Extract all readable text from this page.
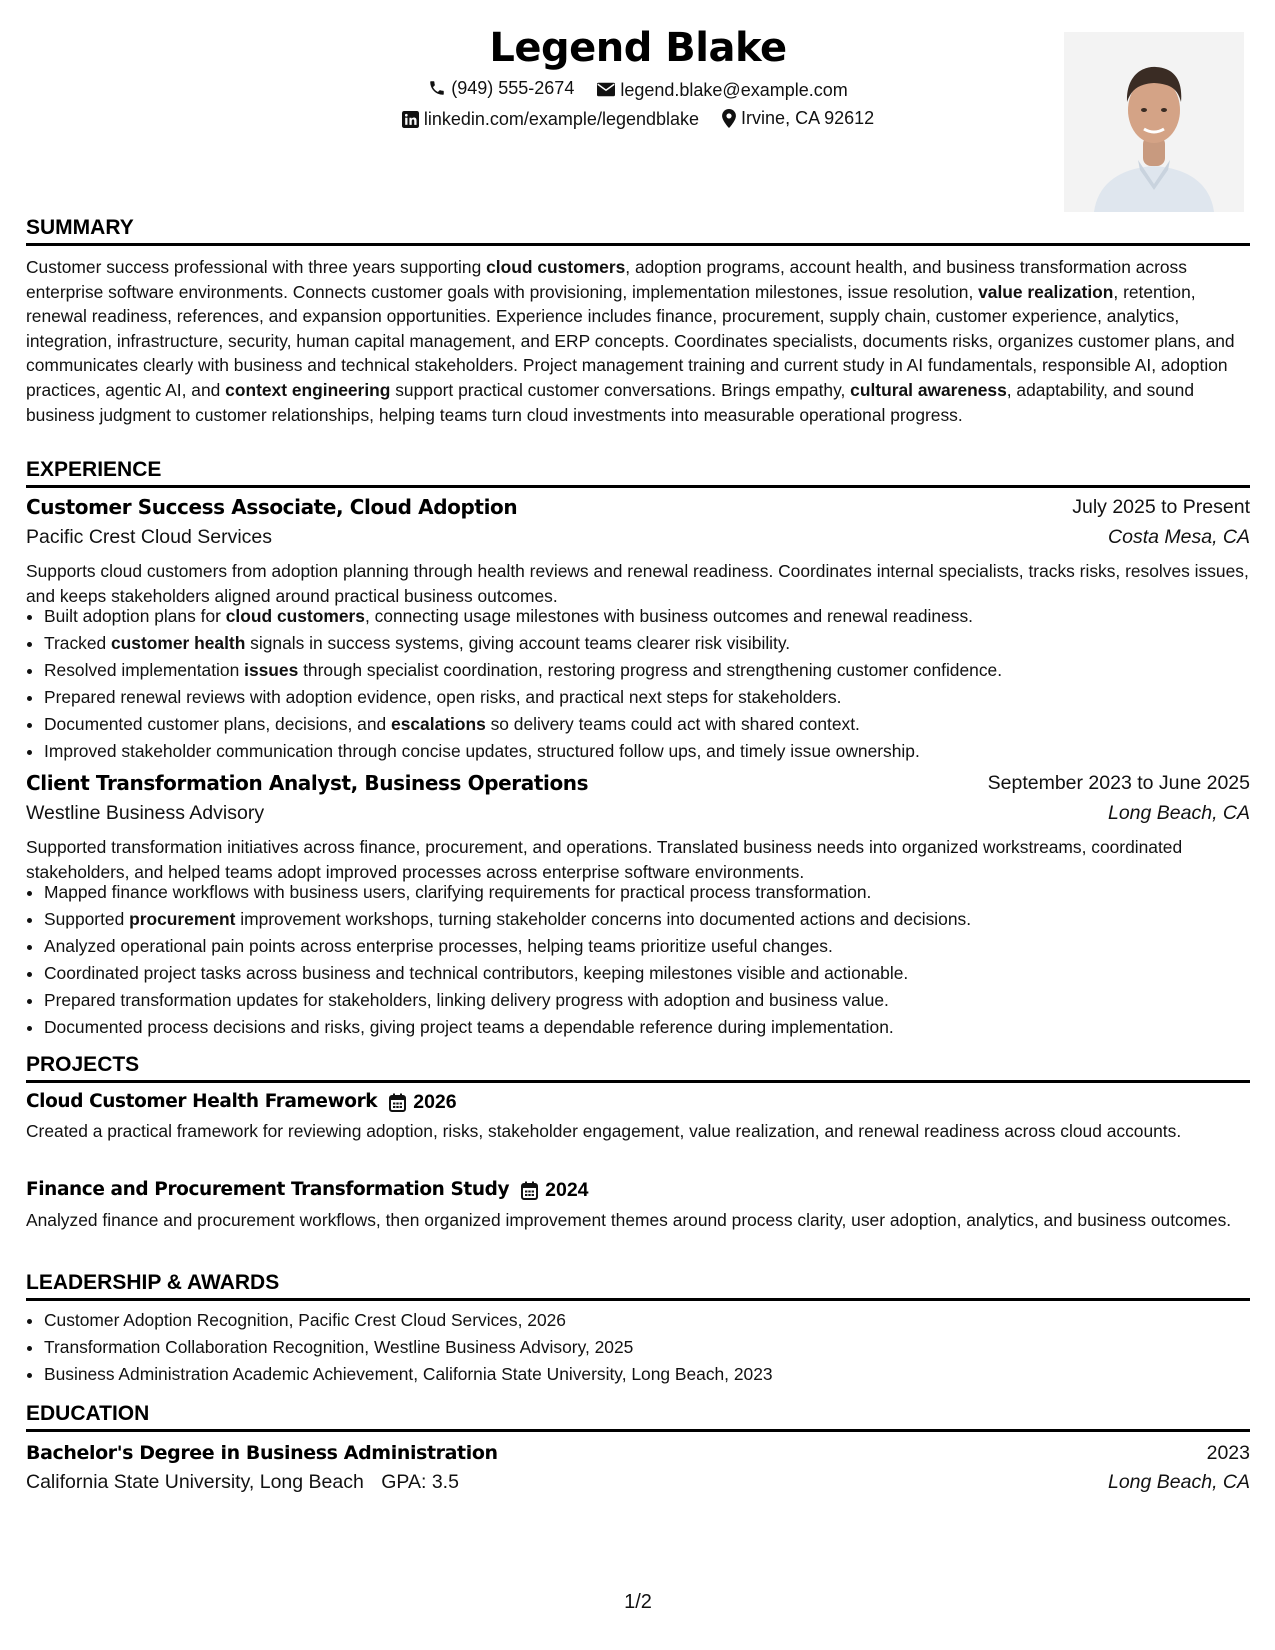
Legend Blake
(949) 555-2674
	legend.blake@example.com
linkedin.com/example/legendblake
Irvine, CA 92612
SUMMARY
Customer success professional with three years supporting cloud customers, adoption programs, account health, and business transformation across enterprise software environments. Connects customer goals with provisioning, implementation milestones, issue resolution, value realization, retention, renewal readiness, references, and expansion opportunities. Experience includes finance, procurement, supply chain, customer experience, analytics, integration, infrastructure, security, human capital management, and ERP concepts. Coordinates specialists, documents risks, organizes customer plans, and communicates clearly with business and technical stakeholders. Project management training and current study in AI fundamentals, responsible AI, adoption practices, agentic AI, and context engineering support practical customer conversations. Brings empathy, cultural awareness, adaptability, and sound business judgment to customer relationships, helping teams turn cloud investments into measurable operational progress.
EXPERIENCE
Customer Success Associate, Cloud Adoption	July 2025 to Present
Pacific Crest Cloud Services	Costa Mesa, CA
Supports cloud customers from adoption planning through health reviews and renewal readiness. Coordinates internal specialists, tracks risks, resolves issues, and keeps stakeholders aligned around practical business outcomes.
• Built adoption plans for cloud customers, connecting usage milestones with business outcomes and renewal readiness.
• Tracked customer health signals in success systems, giving account teams clearer risk visibility.
• Resolved implementation issues through specialist coordination, restoring progress and strengthening customer confidence.
• Prepared renewal reviews with adoption evidence, open risks, and practical next steps for stakeholders.
• Documented customer plans, decisions, and escalations so delivery teams could act with shared context.
• Improved stakeholder communication through concise updates, structured follow ups, and timely issue ownership.
Client Transformation Analyst, Business Operations	September 2023 to June 2025
Westline Business Advisory	Long Beach, CA
Supported transformation initiatives across finance, procurement, and operations. Translated business needs into organized workstreams, coordinated stakeholders, and helped teams adopt improved processes across enterprise software environments.
• Mapped finance workflows with business users, clarifying requirements for practical process transformation.
• Supported procurement improvement workshops, turning stakeholder concerns into documented actions and decisions.
• Analyzed operational pain points across enterprise processes, helping teams prioritize useful changes.
• Coordinated project tasks across business and technical contributors, keeping milestones visible and actionable.
• Prepared transformation updates for stakeholders, linking delivery progress with adoption and business value.
• Documented process decisions and risks, giving project teams a dependable reference during implementation.
PROJECTS
Cloud Customer Health Framework 2026
Created a practical framework for reviewing adoption, risks, stakeholder engagement, value realization, and renewal readiness across cloud accounts.
Finance and Procurement Transformation Study 2024
Analyzed finance and procurement workflows, then organized improvement themes around process clarity, user adoption, analytics, and business outcomes.
LEADERSHIP & AWARDS
• Customer Adoption Recognition, Pacific Crest Cloud Services, 2026
• Transformation Collaboration Recognition, Westline Business Advisory, 2025
• Business Administration Academic Achievement, California State University, Long Beach, 2023
EDUCATION
Bachelor's Degree in Business Administration	2023
California State University, Long Beach GPA: 3.5	Long Beach, CA
1/2
